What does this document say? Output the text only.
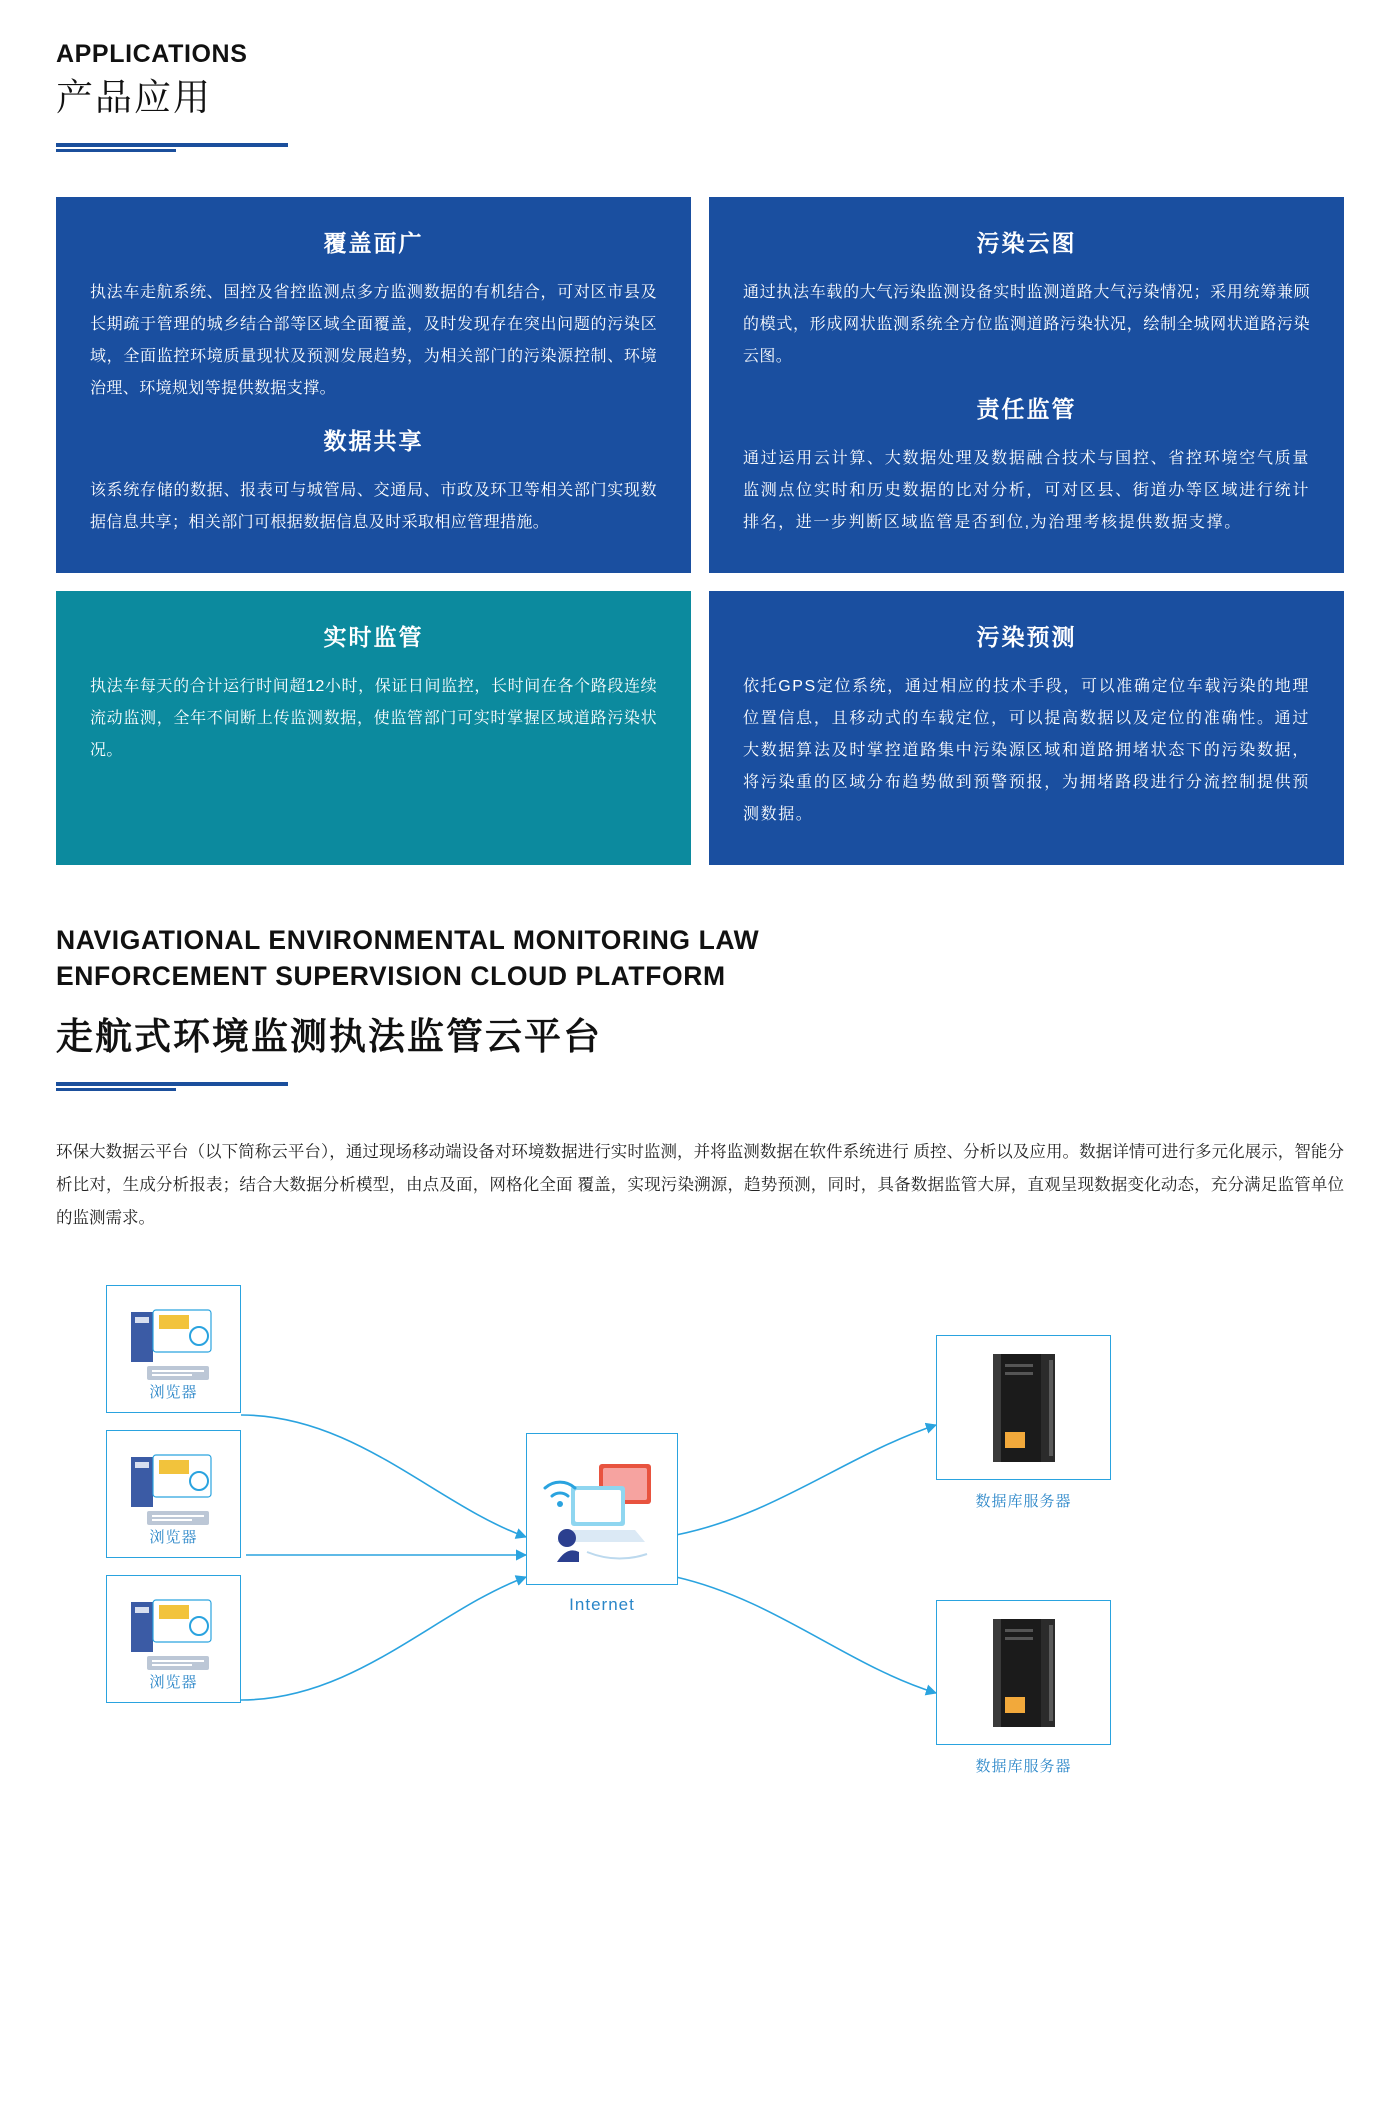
APPLICATIONS
产品应用
覆盖面广

执法车走航系统、国控及省控监测点多方监测数据的有机结合，可对区市县及长期疏于管理的城乡结合部等区域全面覆盖，及时发现存在突出问题的污染区域，全面监控环境质量现状及预测发展趋势，为相关部门的污染源控制、环境治理、环境规划等提供数据支撑。

数据共享

该系统存储的数据、报表可与城管局、交通局、市政及环卫等相关部门实现数据信息共享；相关部门可根据数据信息及时采取相应管理措施。

污染云图

通过执法车载的大气污染监测设备实时监测道路大气污染情况；采用统筹兼顾的模式，形成网状监测系统全方位监测道路污染状况，绘制全城网状道路污染云图。

责任监管

通过运用云计算、大数据处理及数据融合技术与国控、省控环境空气质量监测点位实时和历史数据的比对分析，可对区县、街道办等区域进行统计排名，进一步判断区域监管是否到位,为治理考核提供数据支撑。

实时监管

执法车每天的合计运行时间超12小时，保证日间监控，长时间在各个路段连续流动监测，全年不间断上传监测数据，使监管部门可实时掌握区域道路污染状况。

污染预测

依托GPS定位系统，通过相应的技术手段，可以准确定位车载污染的地理位置信息，且移动式的车载定位，可以提高数据以及定位的准确性。通过大数据算法及时掌控道路集中污染源区域和道路拥堵状态下的污染数据，将污染重的区域分布趋势做到预警预报，为拥堵路段进行分流控制提供预测数据。

NAVIGATIONAL ENVIRONMENTAL MONITORING LAW
ENFORCEMENT SUPERVISION CLOUD PLATFORM
走航式环境监测执法监管云平台

环保大数据云平台（以下简称云平台），通过现场移动端设备对环境数据进行实时监测，并将监测数据在软件系统进行 质控、分析以及应用。数据详情可进行多元化展示，智能分析比对，生成分析报表；结合大数据分析模型，由点及面，网格化全面 覆盖，实现污染溯源，趋势预测，同时，具备数据监管大屏，直观呈现数据变化动态，充分满足监管单位的监测需求。

浏览器
浏览器
浏览器
Internet
数据库服务器
数据库服务器
